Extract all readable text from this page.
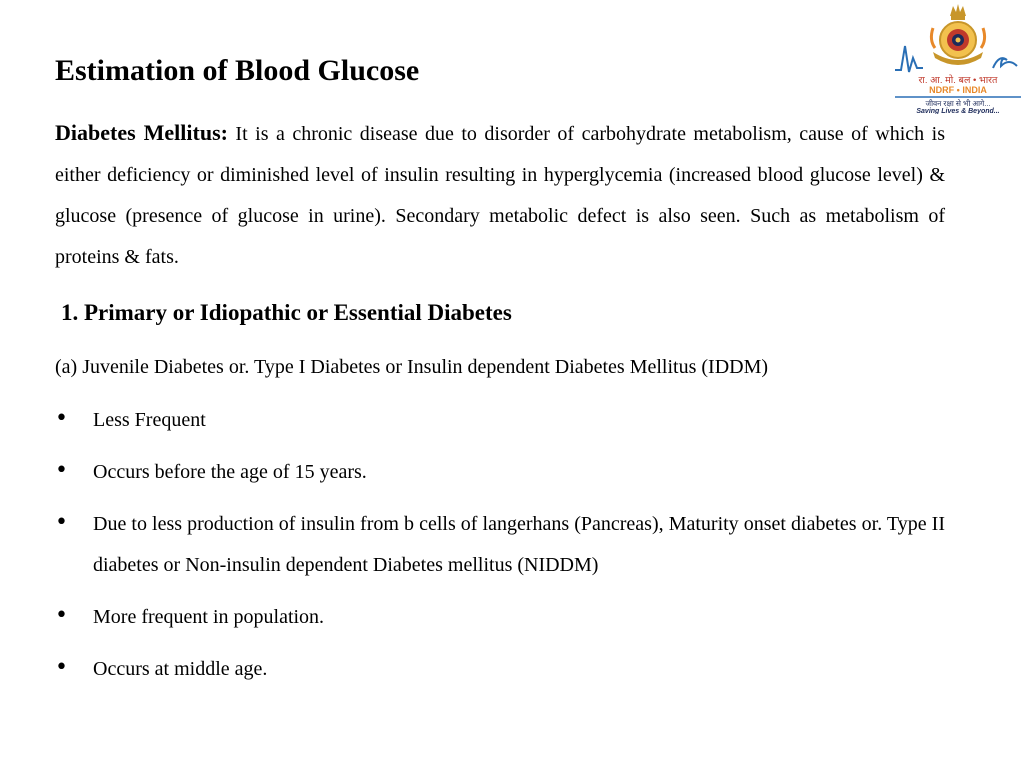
Estimation of Blood Glucose	रा. आ. मो. बल • भारत
NDRF • INDIA
जीवन रक्षा से भी आगे...
Saving Lives & Beyond...

Diabetes Mellitus: It is a chronic disease due to disorder of carbohydrate metabolism, cause of which is either deficiency or diminished level of insulin resulting in hyperglycemia (increased blood glucose level) & glucose (presence of glucose in urine). Secondary metabolic defect is also seen. Such as metabolism of proteins & fats.

1. Primary or Idiopathic or Essential Diabetes

(a) Juvenile Diabetes or. Type I Diabetes or Insulin dependent Diabetes Mellitus (IDDM)

• Less Frequent
• Occurs before the age of 15 years.
• Due to less production of insulin from b cells of langerhans (Pancreas), Maturity onset diabetes or. Type II diabetes or Non-insulin dependent Diabetes mellitus (NIDDM)
• More frequent in population.
• Occurs at middle age.
